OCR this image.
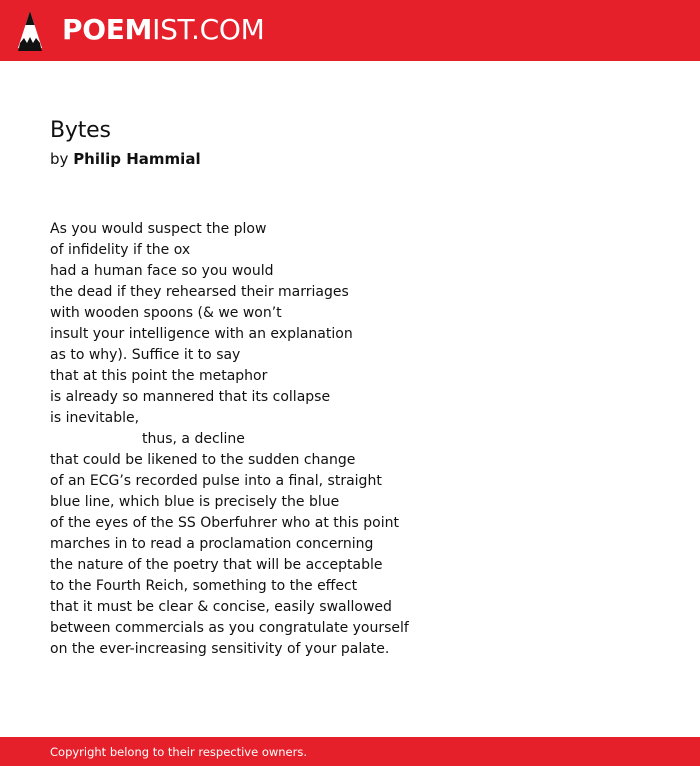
POEMIST.COM
Bytes
by Philip Hammial
As you would suspect the plow
of infidelity if the ox
had a human face so you would
the dead if they rehearsed their marriages
with wooden spoons (& we won’t
insult your intelligence with an explanation
as to why). Suffice it to say
that at this point the metaphor
is already so mannered that its collapse
is inevitable,
thus, a decline
that could be likened to the sudden change
of an ECG’s recorded pulse into a final, straight
blue line, which blue is precisely the blue
of the eyes of the SS Oberfuhrer who at this point
marches in to read a proclamation concerning
the nature of the poetry that will be acceptable
to the Fourth Reich, something to the effect
that it must be clear & concise, easily swallowed
between commercials as you congratulate yourself
on the ever-increasing sensitivity of your palate.
Copyright belong to their respective owners.
